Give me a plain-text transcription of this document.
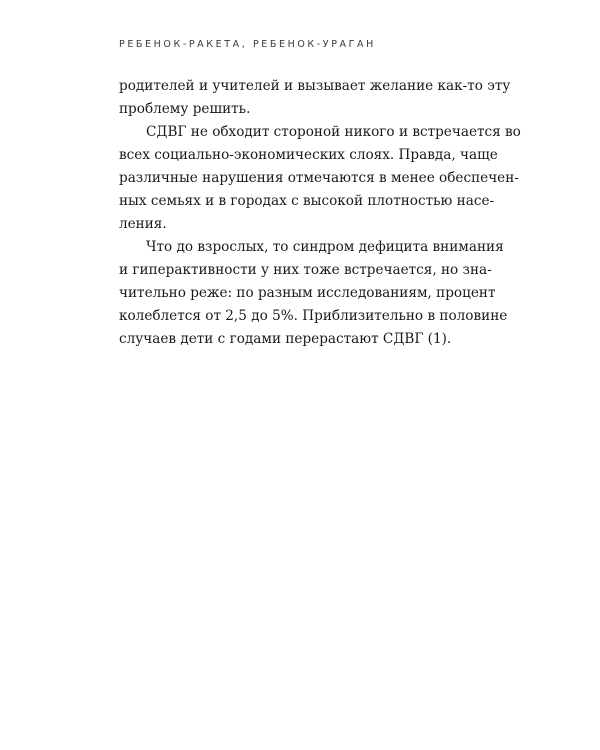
РЕБЕНОК-РАКЕТА, РЕБЕНОК-УРАГАН
родителей и учителей и вызывает желание как-то эту
проблему решить.
СДВГ не обходит стороной никого и встречается во
всех социально-экономических слоях. Правда, чаще
различные нарушения отмечаются в менее обеспечен-
ных семьях и в городах с высокой плотностью насе-
ления.
Что до взрослых, то синдром дефицита внимания
и гиперактивности у них тоже встречается, но зна-
чительно реже: по разным исследованиям, процент
колеблется от 2,5 до 5%. Приблизительно в половине
случаев дети с годами перерастают СДВГ (1).
